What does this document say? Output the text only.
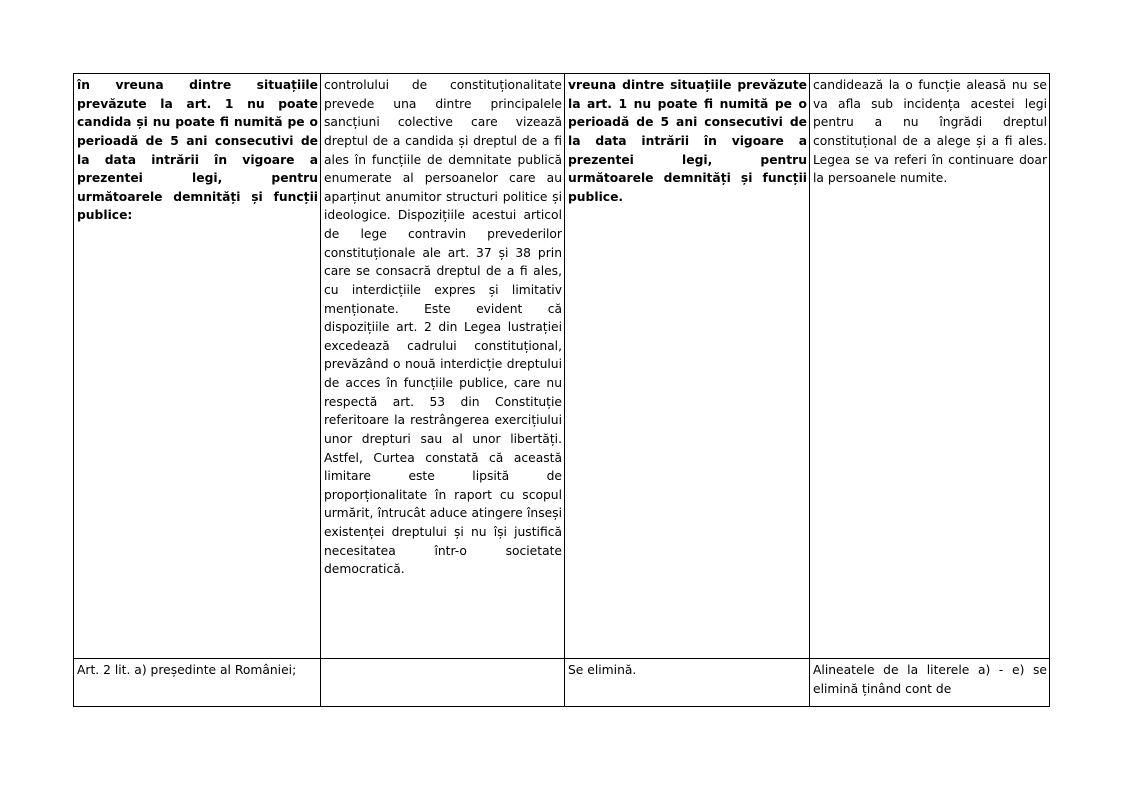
în vreuna dintre situațiile prevăzute la art. 1 nu poate candida și nu poate fi numită pe o perioadă de 5 ani consecutivi de la data intrării în vigoare a prezentei legi, pentru următoarele demnități și funcții publice:	controlului de constituționalitate prevede una dintre principalele sancțiuni colective care vizează dreptul de a candida și dreptul de a fi ales în funcțiile de demnitate publică enumerate al persoanelor care au aparținut anumitor structuri politice și ideologice. Dispozițiile acestui articol de lege contravin prevederilor constituționale ale art. 37 și 38 prin care se consacră dreptul de a fi ales, cu interdicțiile expres și limitativ menționate. Este evident că dispozițiile art. 2 din Legea lustrației excedează cadrului constituțional, prevăzând o nouă interdicție dreptului de acces în funcțiile publice, care nu respectă art. 53 din Constituție referitoare la restrângerea exercițiului unor drepturi sau al unor libertăți. Astfel, Curtea constată că această limitare este lipsită de proporționalitate în raport cu scopul urmărit, întrucât aduce atingere înseși existenței dreptului și nu își justifică necesitatea într-o societate democratică.	vreuna dintre situațiile prevăzute la art. 1 nu poate fi numită pe o perioadă de 5 ani consecutivi de la data intrării în vigoare a prezentei legi, pentru următoarele demnități și funcții publice.	candidează la o funcție aleasă nu se va afla sub incidența acestei legi pentru a nu îngrădi dreptul constituțional de a alege și a fi ales. Legea se va referi în continuare doar la persoanele numite.
Art. 2 lit. a) președinte al României;		Se elimină.	Alineatele de la literele a) - e) se elimină ținând cont de
